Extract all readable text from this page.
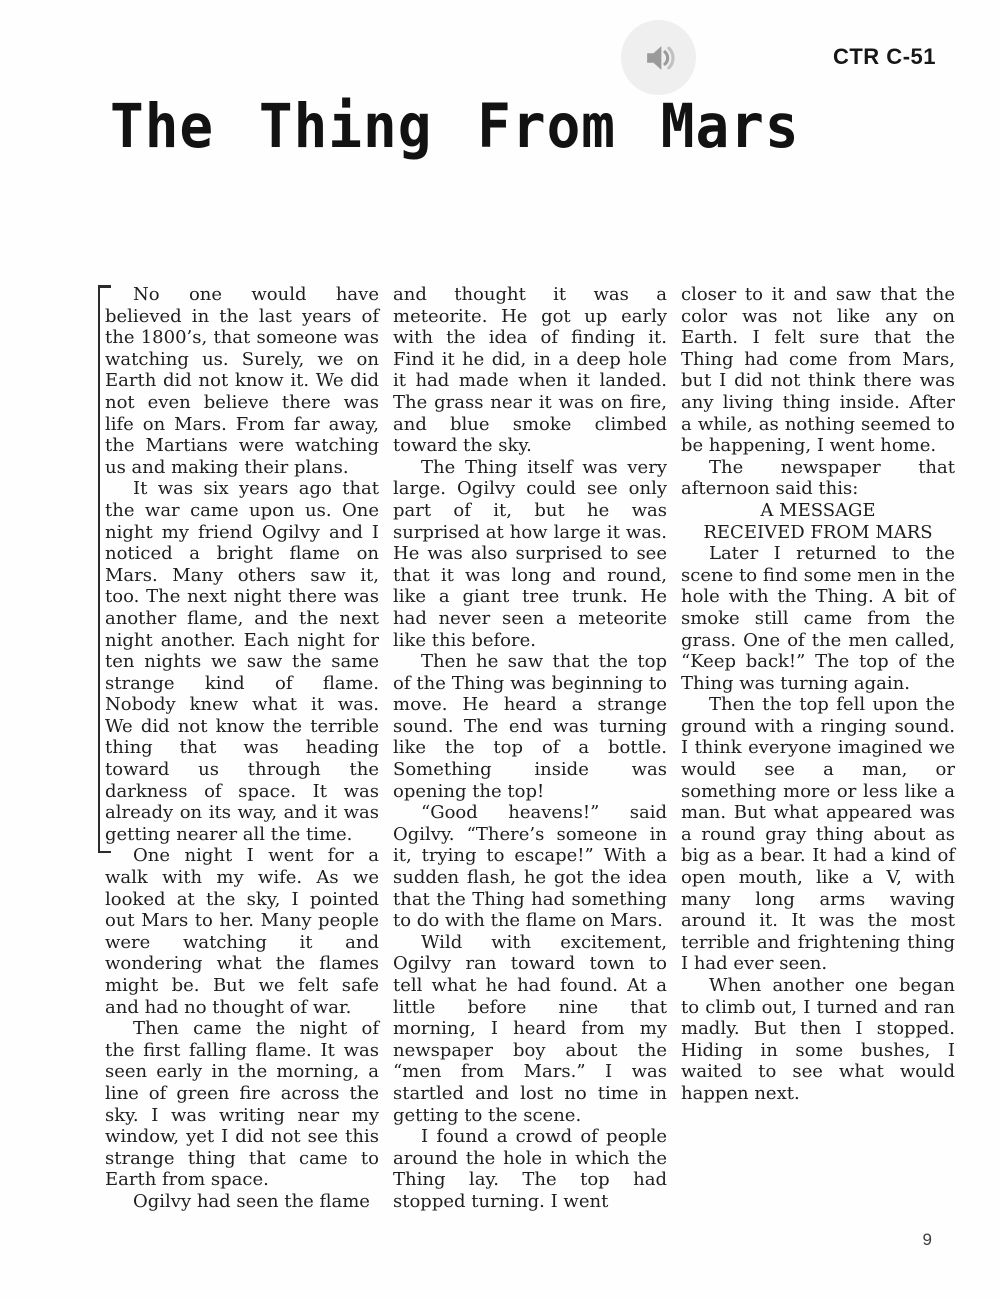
CTR C-51
The Thing From Mars

No one would have believed in the last years of the 1800’s, that someone was watching us. Surely, we on Earth did not know it. We did not even believe there was life on Mars. From far away, the Martians were watching us and making their plans.

It was six years ago that the war came upon us. One night my friend Ogilvy and I noticed a bright flame on Mars. Many others saw it, too. The next night there was another flame, and the next night another. Each night for ten nights we saw the same strange kind of flame. Nobody knew what it was. We did not know the terrible thing that was heading toward us through the darkness of space. It was already on its way, and it was getting nearer all the time.

One night I went for a walk with my wife. As we looked at the sky, I pointed out Mars to her. Many people were watching it and wondering what the flames might be. But we felt safe and had no thought of war.

Then came the night of the first falling flame. It was seen early in the morning, a line of green fire across the sky. I was writing near my window, yet I did not see this strange thing that came to Earth from space.

Ogilvy had seen the flame

and thought it was a meteorite. He got up early with the idea of finding it. Find it he did, in a deep hole it had made when it landed. The grass near it was on fire, and blue smoke climbed toward the sky.

The Thing itself was very large. Ogilvy could see only part of it, but he was surprised at how large it was. He was also surprised to see that it was long and round, like a giant tree trunk. He had never seen a meteorite like this before.

Then he saw that the top of the Thing was beginning to move. He heard a strange sound. The end was turning like the top of a bottle. Something inside was opening the top!

“Good heavens!” said Ogilvy. “There’s someone in it, trying to escape!” With a sudden flash, he got the idea that the Thing had something to do with the flame on Mars.

Wild with excitement, Ogilvy ran toward town to tell what he had found. At a little before nine that morning, I heard from my newspaper boy about the “men from Mars.” I was startled and lost no time in getting to the scene.

I found a crowd of people around the hole in which the Thing lay. The top had stopped turning. I went

closer to it and saw that the color was not like any on Earth. I felt sure that the Thing had come from Mars, but I did not think there was any living thing inside. After a while, as nothing seemed to be happening, I went home.

The newspaper that afternoon said this:

A MESSAGE

RECEIVED FROM MARS

Later I returned to the scene to find some men in the hole with the Thing. A bit of smoke still came from the grass. One of the men called, “Keep back!” The top of the Thing was turning again.

Then the top fell upon the ground with a ringing sound. I think everyone imagined we would see a man, or something more or less like a man. But what appeared was a round gray thing about as big as a bear. It had a kind of open mouth, like a V, with many long arms waving around it. It was the most terrible and frightening thing I had ever seen.

When another one began to climb out, I turned and ran madly. But then I stopped. Hiding in some bushes, I waited to see what would happen next.

9
